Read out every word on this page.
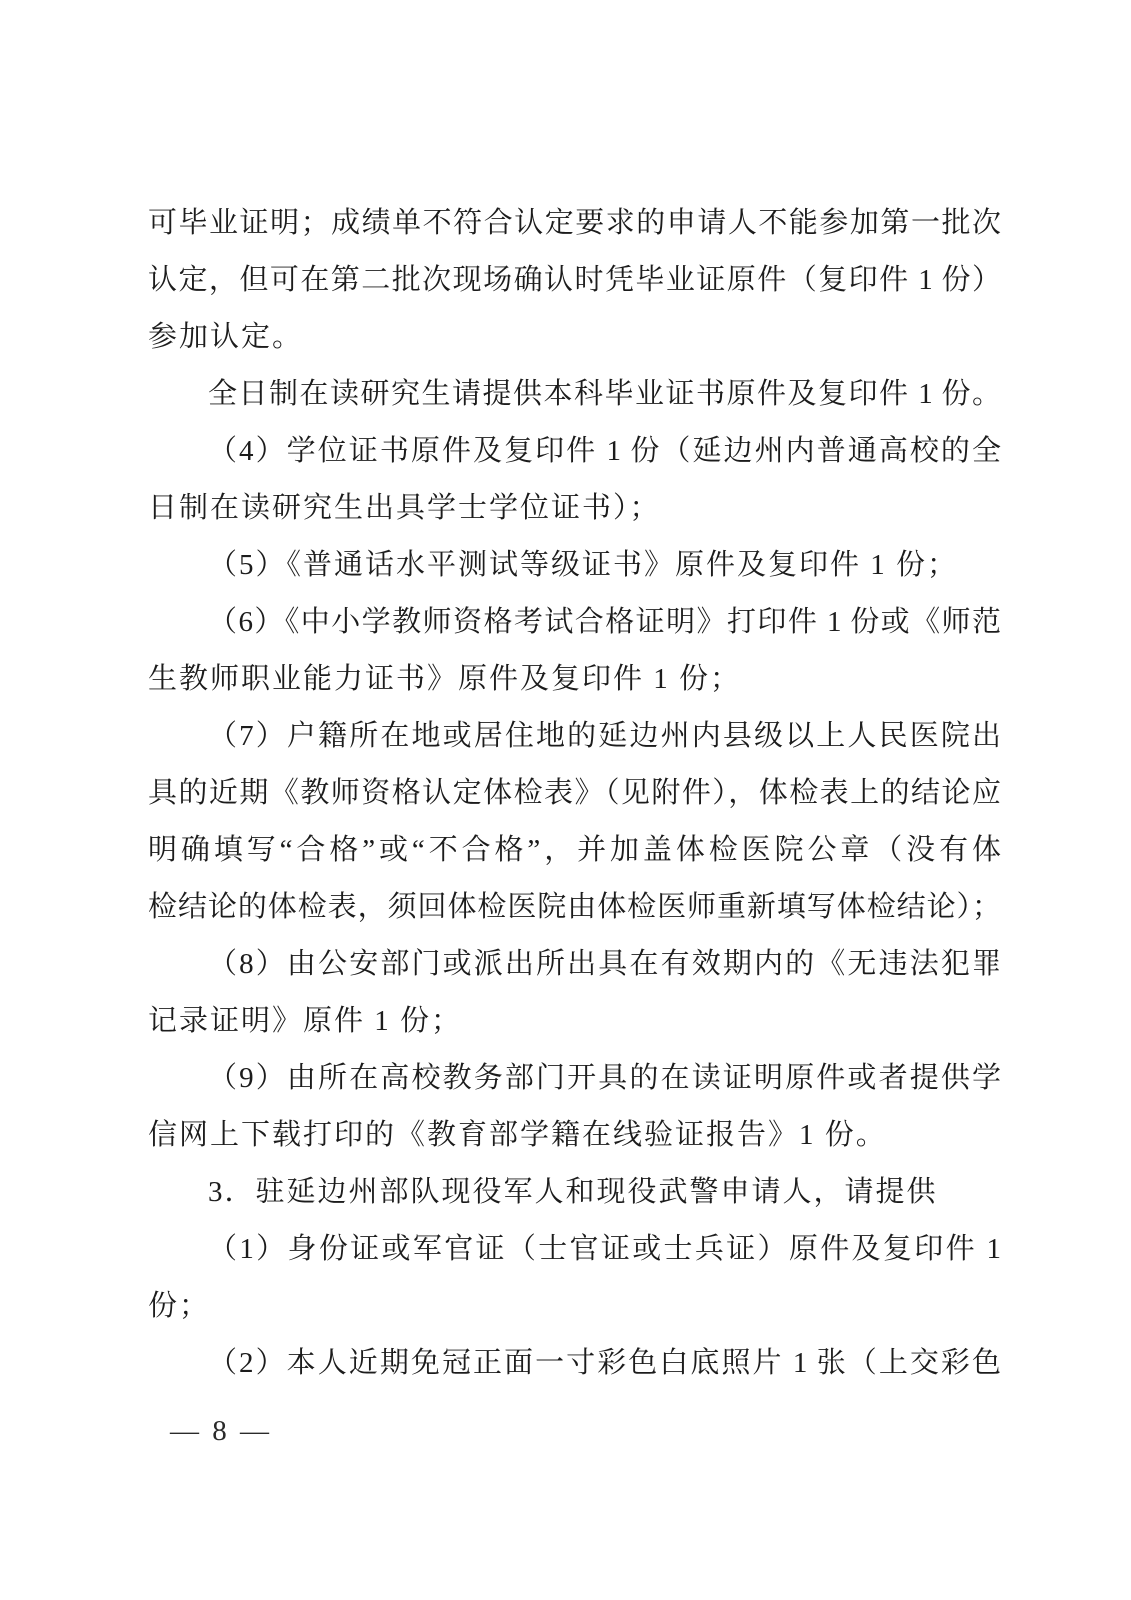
可毕业证明；成绩单不符合认定要求的申请人不能参加第一批次
认定，但可在第二批次现场确认时凭毕业证原件（复印件 1 份）
参加认定。
全日制在读研究生请提供本科毕业证书原件及复印件 1 份。
（4）学位证书原件及复印件 1 份（延边州内普通高校的全
日制在读研究生出具学士学位证书）；
（5）《普通话水平测试等级证书》原件及复印件 1 份；
（6）《中小学教师资格考试合格证明》打印件 1 份或《师范
生教师职业能力证书》原件及复印件 1 份；
（7）户籍所在地或居住地的延边州内县级以上人民医院出
具的近期《教师资格认定体检表》（见附件），体检表上的结论应
明确填写“合格”或“不合格”，并加盖体检医院公章（没有体
检结论的体检表，须回体检医院由体检医师重新填写体检结论）；
（8）由公安部门或派出所出具在有效期内的《无违法犯罪
记录证明》原件 1 份；
（9）由所在高校教务部门开具的在读证明原件或者提供学
信网上下载打印的《教育部学籍在线验证报告》1 份。
3．驻延边州部队现役军人和现役武警申请人，请提供
（1）身份证或军官证（士官证或士兵证）原件及复印件 1
份；
（2）本人近期免冠正面一寸彩色白底照片 1 张（上交彩色
— 8 —
